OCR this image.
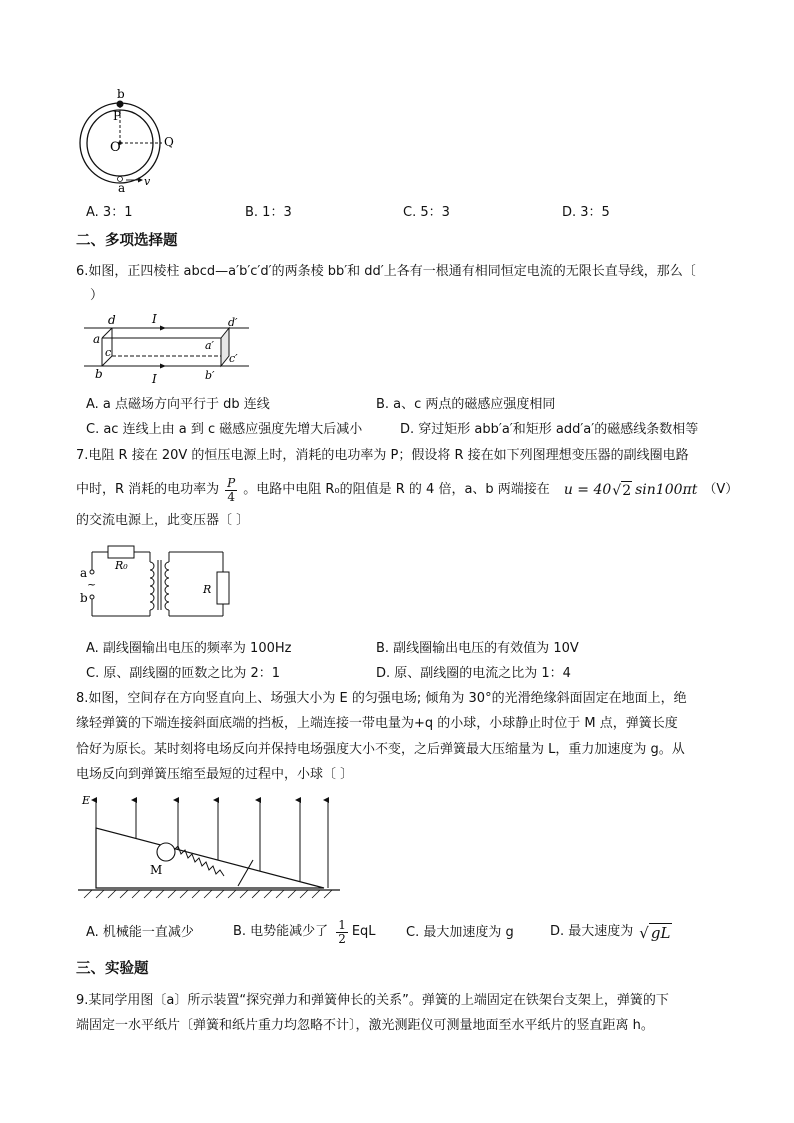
b
P
O	Q
a v
A. 3：1	B. 1：3	C. 5：3	D. 3：5
二、多项选择题
6.如图，正四棱柱 abcd—a′b′c′d′的两条棱 bb′和 dd′上各有一根通有相同恒定电流的无限长直导线，那么〔
）
d	I	d′
a	a′
c	c′
b	I	b′
A. a 点磁场方向平行于 db 连线	B. a、c 两点的磁感应强度相同
C. ac 连线上由 a 到 c 磁感应强度先增大后减小	D. 穿过矩形 abb′a′和矩形 add′a′的磁感线条数相等
7.电阻 R 接在 20V 的恒压电源上时，消耗的电功率为 P；假设将 R 接在如下列图理想变压器的副线圈电路
中时，R 消耗的电功率为 $\frac{P}{4}$ 。电路中电阻 R₀的阻值是 R 的 4 倍，a、b 两端接在 u = 40 √ 2 sin100πt （V）
的交流电源上，此变压器〔 〕
R₀
a
~
b
R
A. 副线圈输出电压的频率为 100Hz	B. 副线圈输出电压的有效值为 10V
C. 原、副线圈的匝数之比为 2：1	D. 原、副线圈的电流之比为 1：4
8.如图，空间存在方向竖直向上、场强大小为 E 的匀强电场; 倾角为 30°的光滑绝缘斜面固定在地面上，绝
缘轻弹簧的下端连接斜面底端的挡板，上端连接一带电量为+q 的小球，小球静止时位于 M 点，弹簧长度
恰好为原长。某时刻将电场反向并保持电场强度大小不变，之后弹簧最大压缩量为 L，重力加速度为 g。从
电场反向到弹簧压缩至最短的过程中，小球〔 〕
E
M
A. 机械能一直减少	B. 电势能减少了 $\frac{1}{2}$ EqL C. 最大加速度为 g	D. 最大速度为 √ gL
三、实验题
9.某同学用图〔a〕所示装置“探究弹力和弹簧伸长的关系”。弹簧的上端固定在铁架台支架上，弹簧的下
端固定一水平纸片〔弹簧和纸片重力均忽略不计〕，激光测距仪可测量地面至水平纸片的竖直距离 h。
